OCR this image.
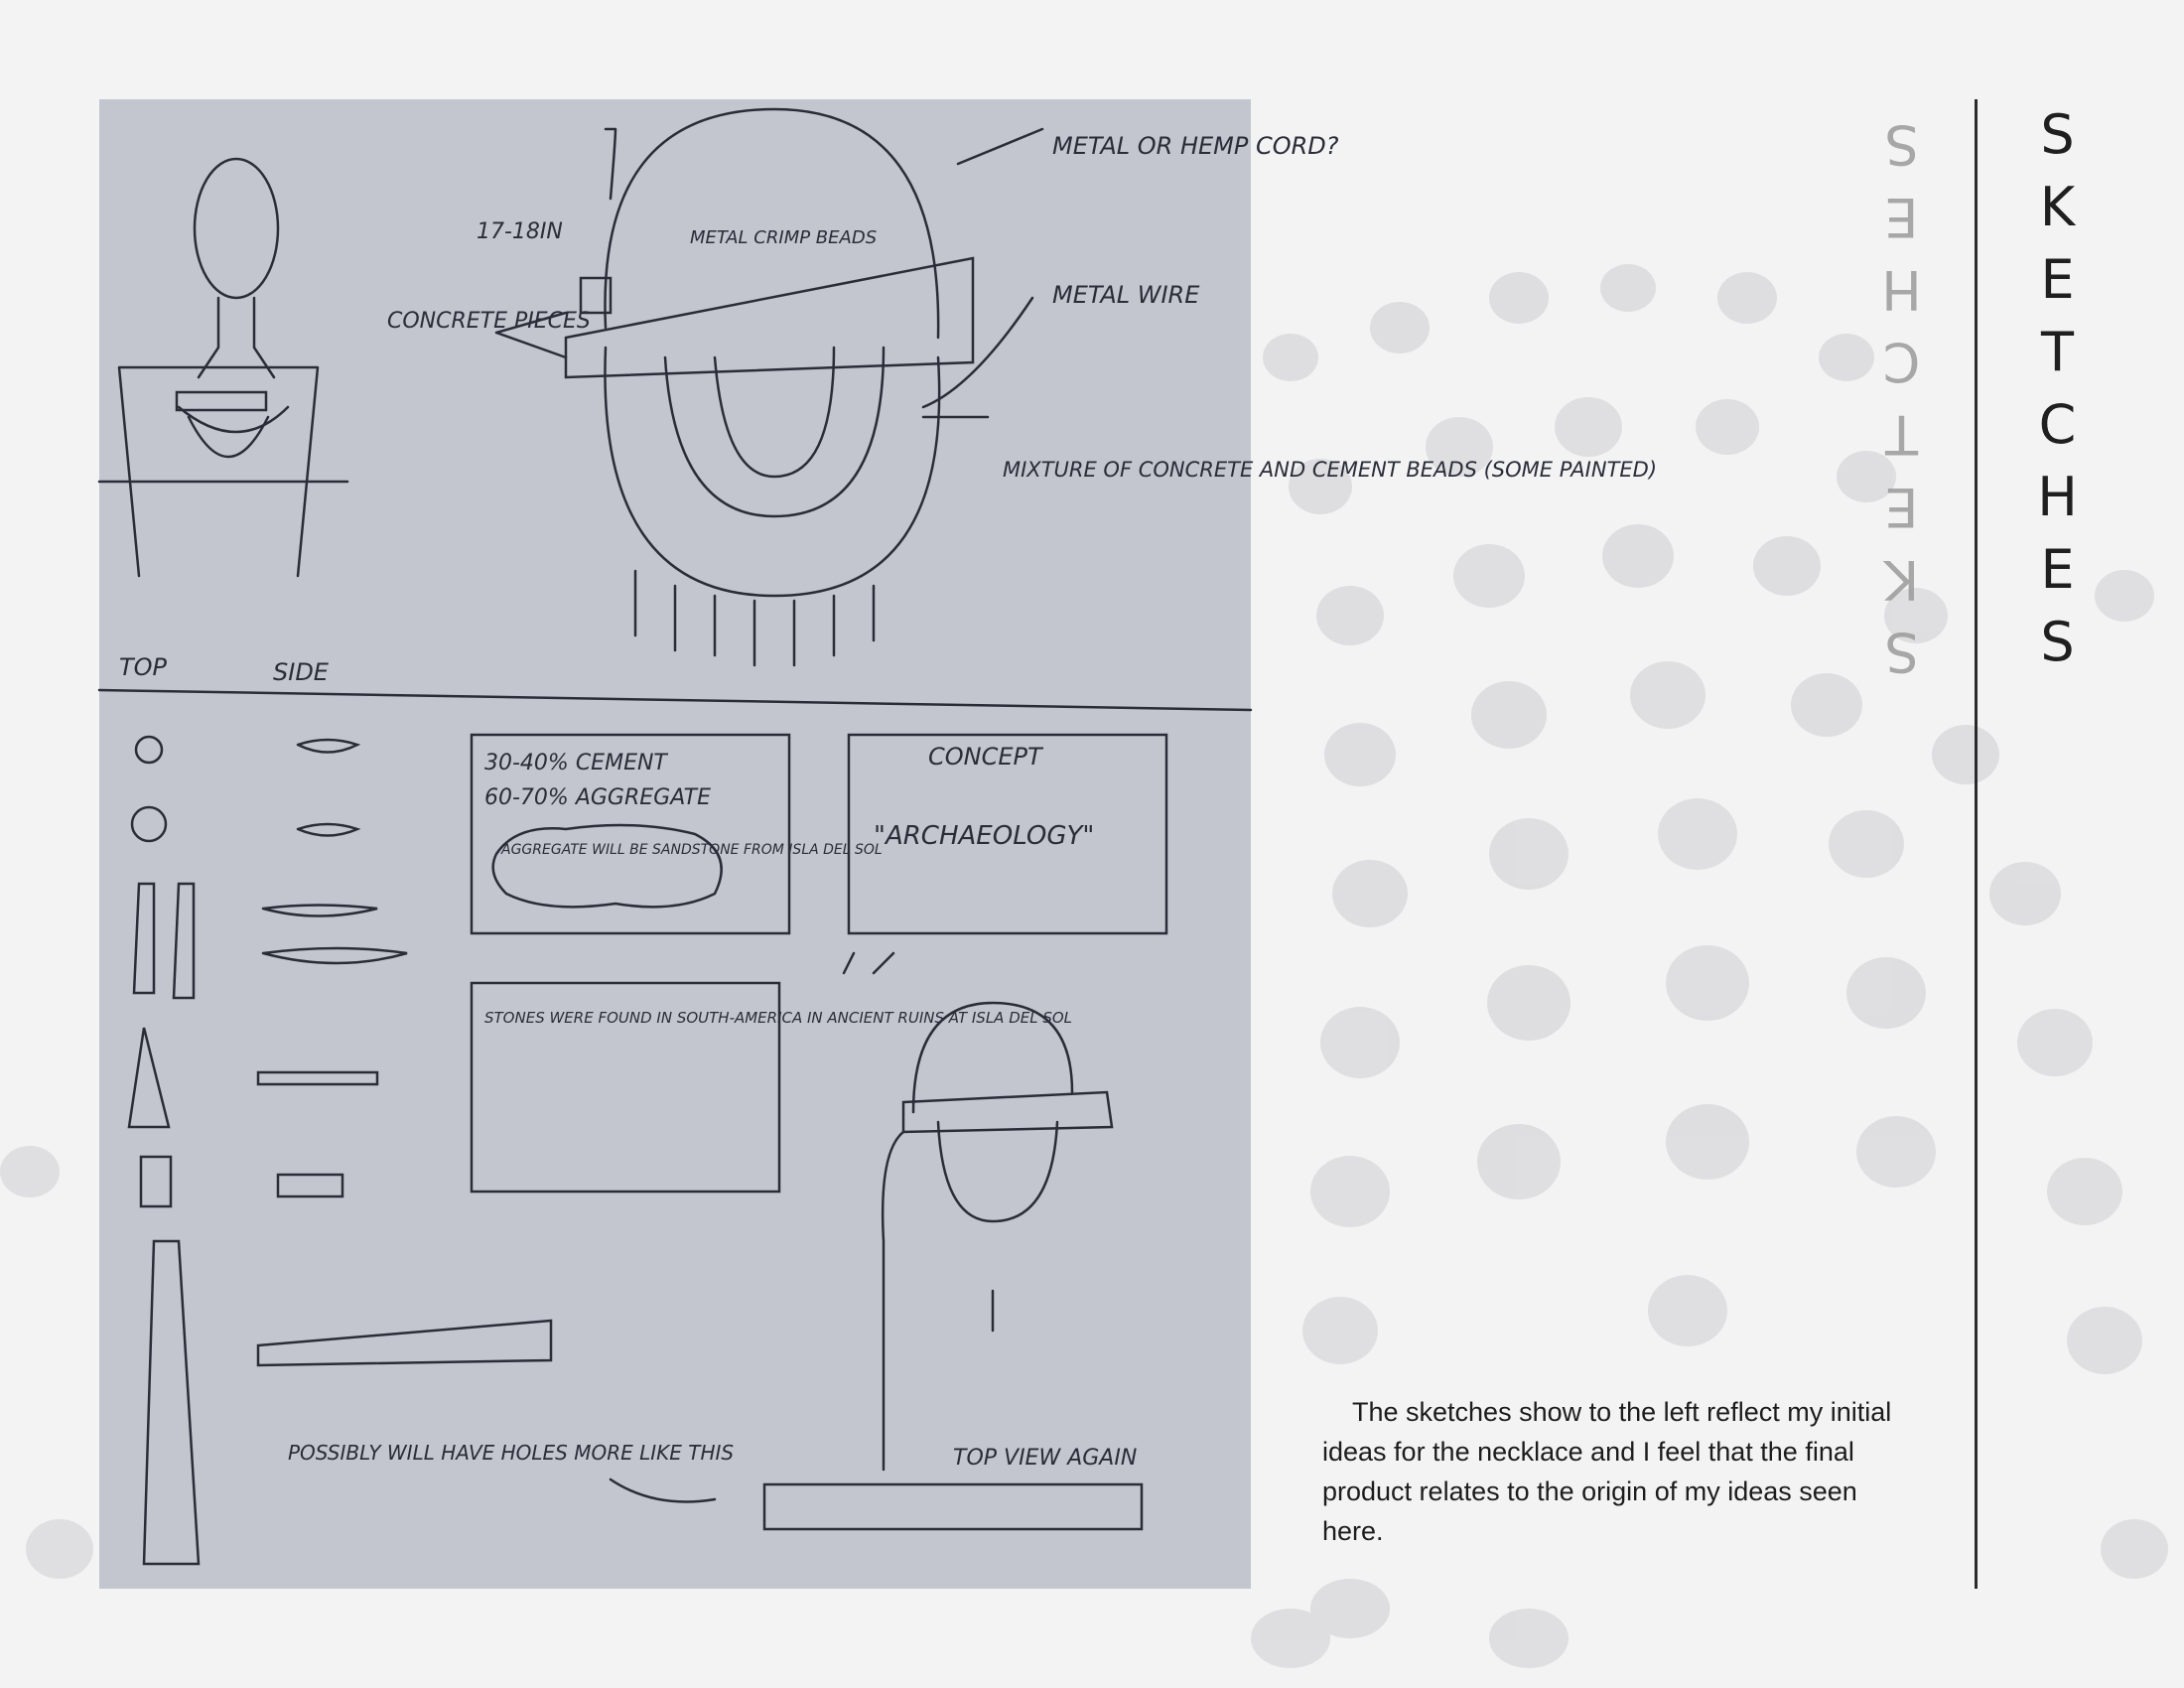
17-18IN
CONCRETE PIECES
METAL CRIMP BEADS
METAL OR HEMP CORD?
METAL WIRE
MIXTURE OF CONCRETE AND CEMENT BEADS (SOME PAINTED)
TOP	SIDE
30-40% CEMENT
60-70% AGGREGATE
AGGREGATE WILL BE SANDSTONE FROM ISLA DEL SOL
CONCEPT
"ARCHAEOLOGY"
STONES WERE FOUND IN SOUTH-AMERICA IN ANCIENT RUINS AT ISLA DEL SOL
POSSIBLY WILL HAVE HOLES MORE LIKE THIS	TOP VIEW AGAIN
SKETCHES
SKETCHES
The sketches show to the left reflect my initial ideas for the necklace and I feel that the final product relates to the origin of my ideas seen here.
